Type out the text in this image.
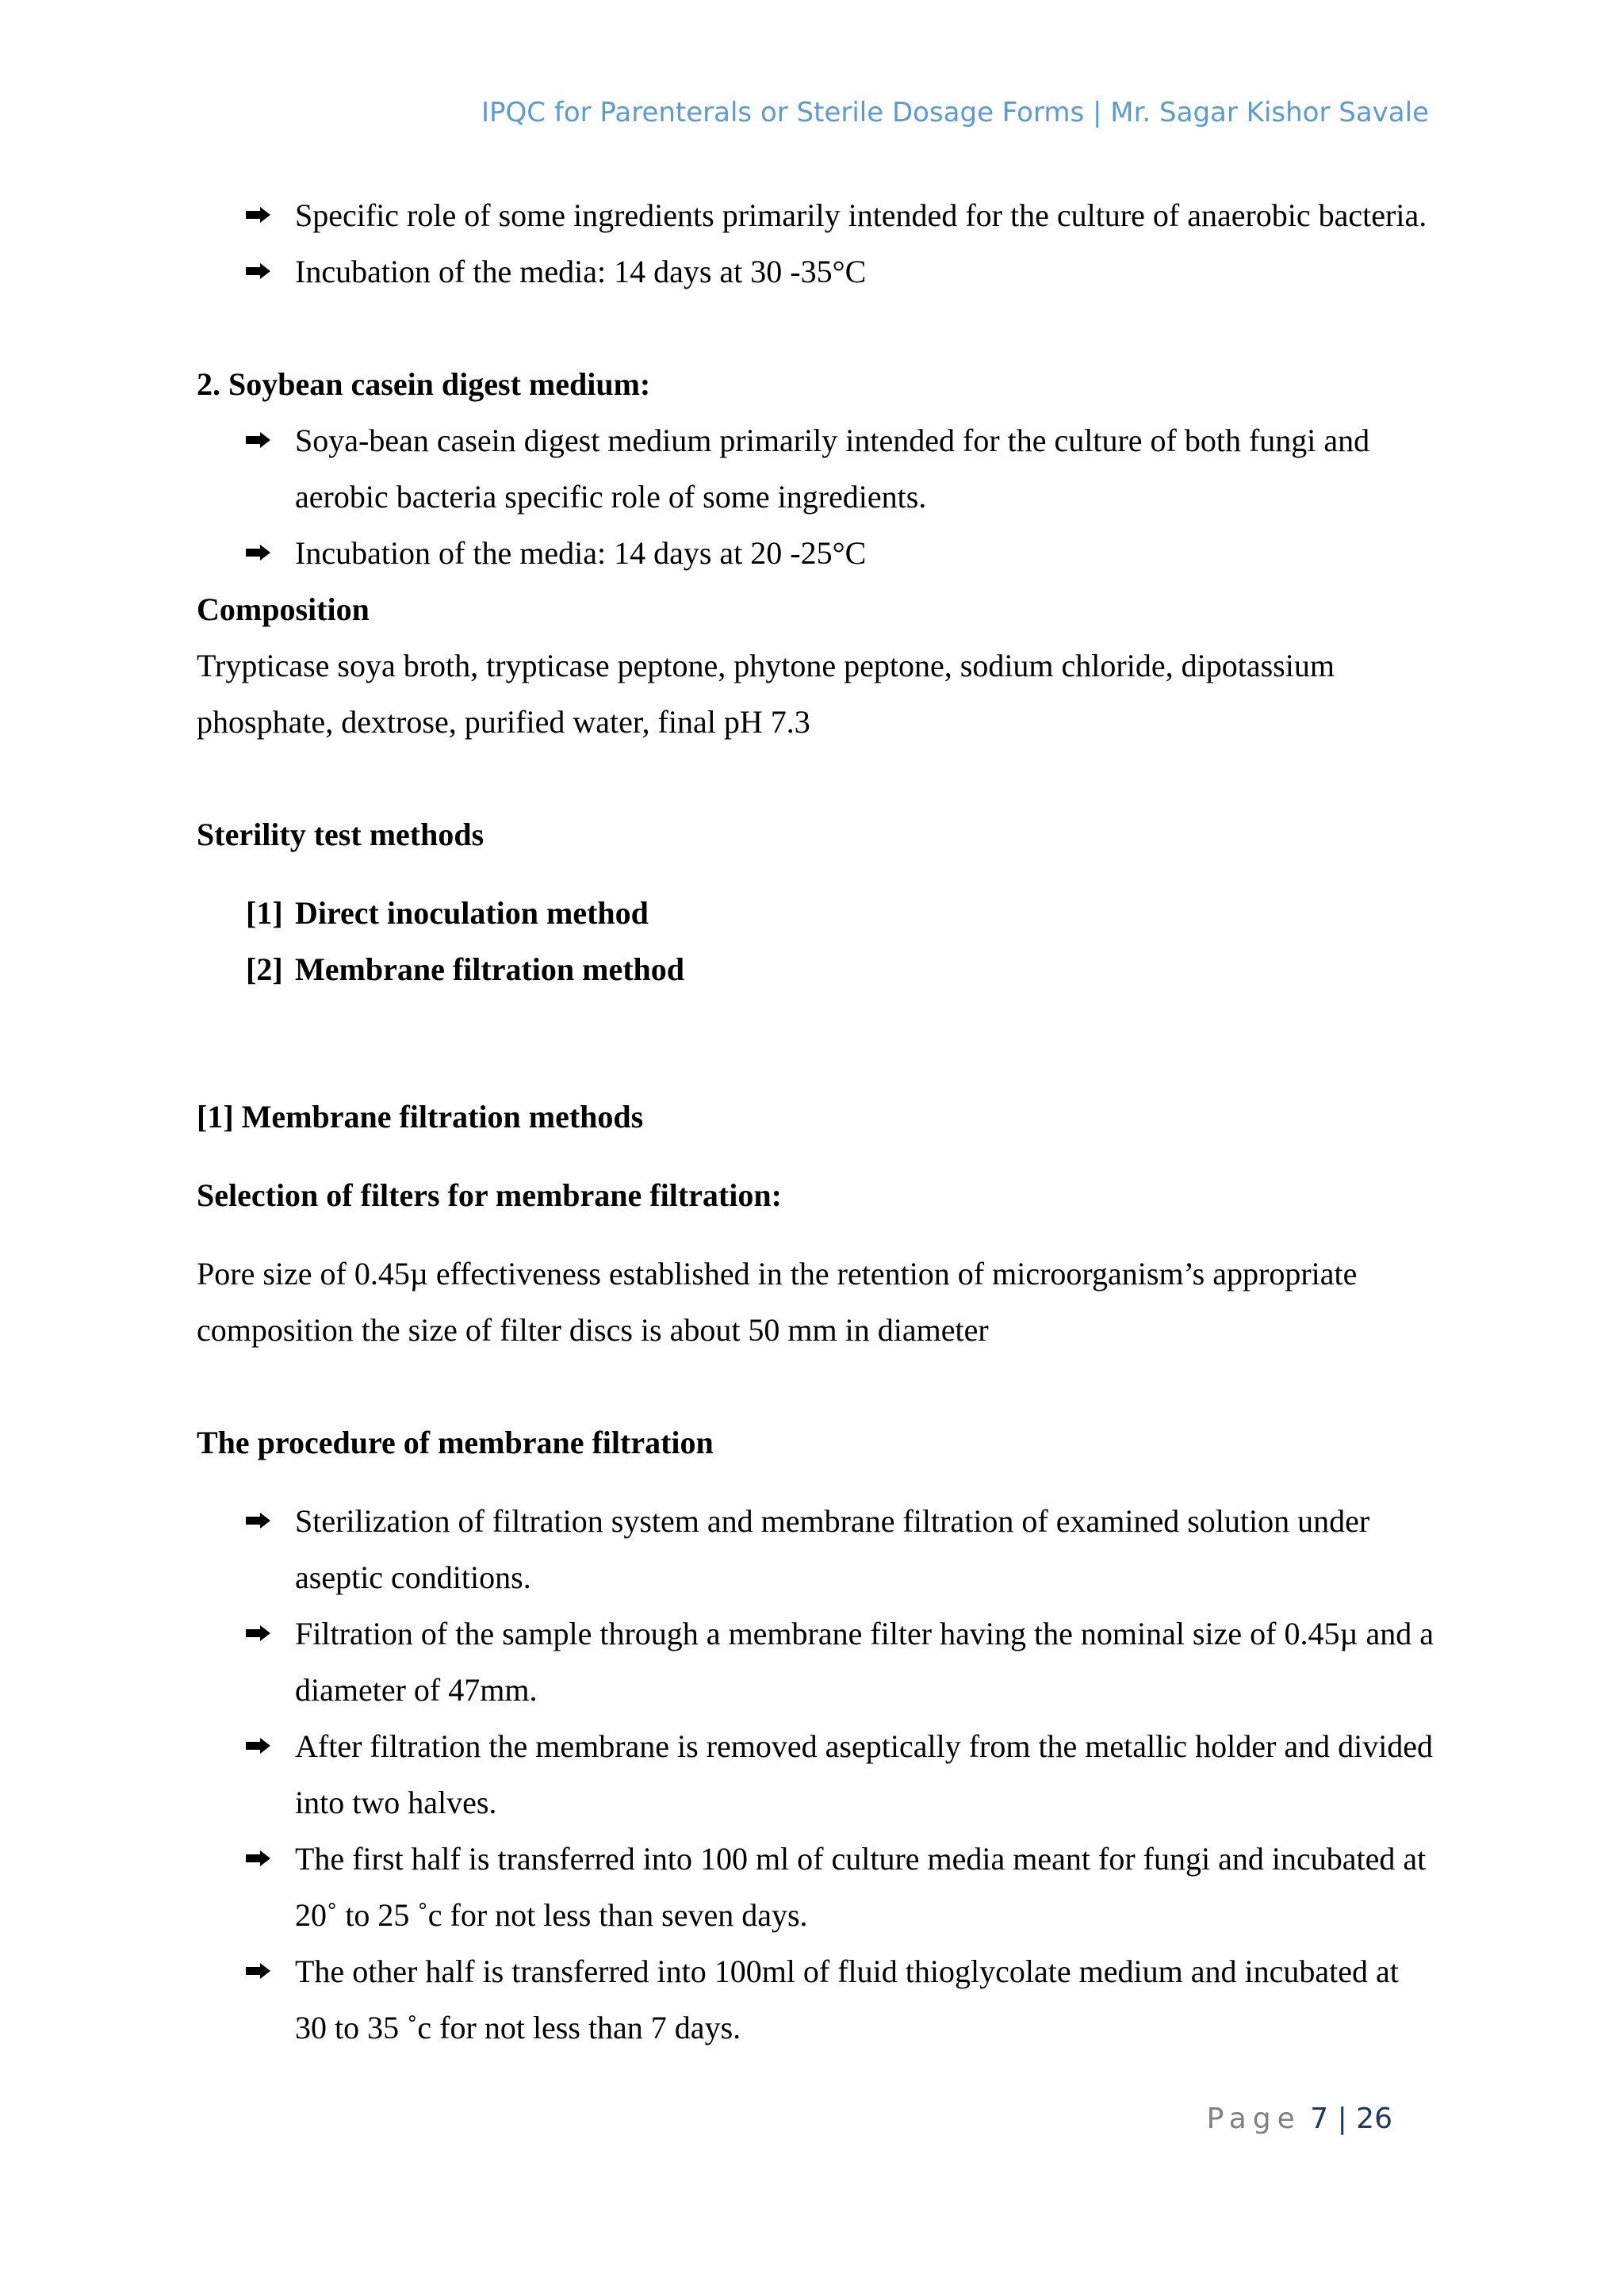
IPQC for Parenterals or Sterile Dosage Forms | Mr. Sagar Kishor Savale

Specific role of some ingredients primarily intended for the culture of anaerobic bacteria.

Incubation of the media: 14 days at 30 -35°C

2. Soybean casein digest medium:

Soya-bean casein digest medium primarily intended for the culture of both fungi and aerobic bacteria specific role of some ingredients.

Incubation of the media: 14 days at 20 -25°C

Composition

Trypticase soya broth, trypticase peptone, phytone peptone, sodium chloride, dipotassium phosphate, dextrose, purified water, final pH 7.3

Sterility test methods

[1] Direct inoculation method

[2] Membrane filtration method

[1] Membrane filtration methods

Selection of filters for membrane filtration:

Pore size of 0.45µ effectiveness established in the retention of microorganism’s appropriate composition the size of filter discs is about 50 mm in diameter

The procedure of membrane filtration

Sterilization of filtration system and membrane filtration of examined solution under aseptic conditions.

Filtration of the sample through a membrane filter having the nominal size of 0.45µ and a diameter of 47mm.

After filtration the membrane is removed aseptically from the metallic holder and divided into two halves.

The first half is transferred into 100 ml of culture media meant for fungi and incubated at 20˚ to 25 ˚c for not less than seven days.

The other half is transferred into 100ml of fluid thioglycolate medium and incubated at 30 to 35 ˚c for not less than 7 days.

Page 7 | 26
